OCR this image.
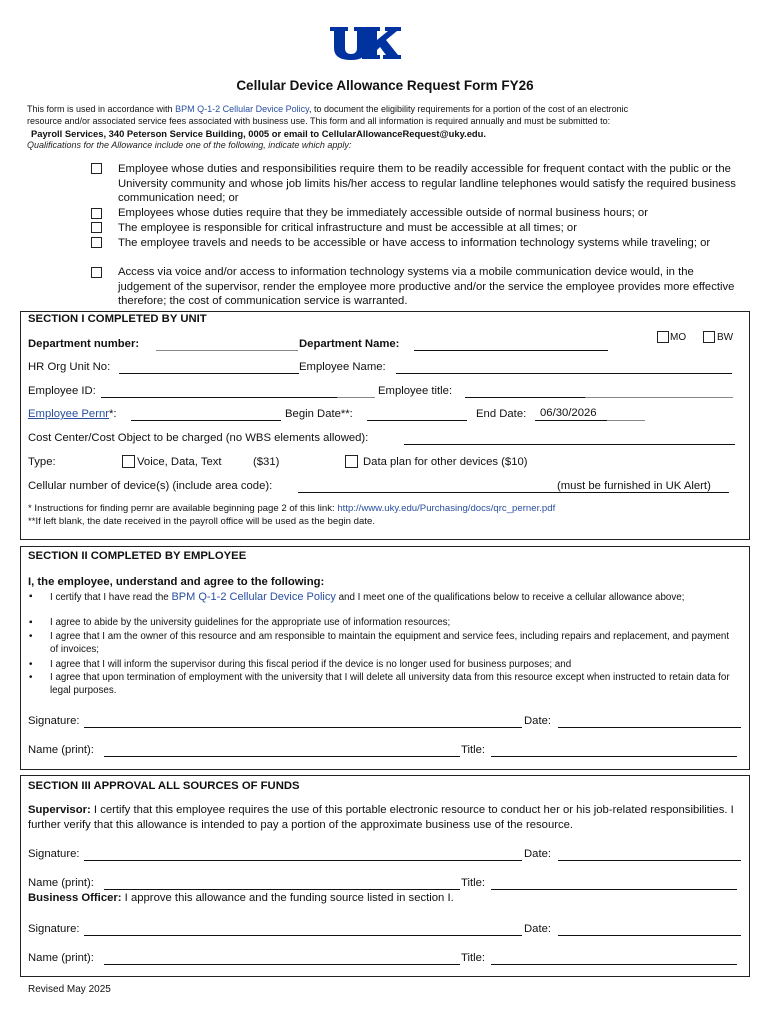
UK
Cellular Device Allowance Request Form FY26
This form is used in accordance with BPM Q-1-2 Cellular Device Policy, to document the eligibility requirements for a portion of the cost of an electronic
resource and/or associated service fees associated with business use. This form and all information is required annually and must be submitted to:
Payroll Services, 340 Peterson Service Building, 0005 or email to CellularAllowanceRequest@uky.edu.
Qualifications for the Allowance include one of the following, indicate which apply:
Employee whose duties and responsibilities require them to be readily accessible for frequent contact with the public or the University community and whose job limits his/her access to regular landline telephones would satisfy the required business communication need; or
Employees whose duties require that they be immediately accessible outside of normal business hours; or
The employee is responsible for critical infrastructure and must be accessible at all times; or
The employee travels and needs to be accessible or have access to information technology systems while traveling; or
Access via voice and/or access to information technology systems via a mobile communication device would, in the judgement of the supervisor, render the employee more productive and/or the service the employee provides more effective therefore; the cost of communication service is warranted.
SECTION I COMPLETED BY UNIT
Department number:	Department Name:
MO	BW
HR Org Unit No:	Employee Name:
Employee ID:	Employee title:
Employee Pernr*:	Begin Date**:	End Date: 06/30/2026
Cost Center/Cost Object to be charged (no WBS elements allowed):
Type:	Voice, Data, Text	($31)	Data plan for other devices ($10)
Cellular number of device(s) (include area code):	(must be furnished in UK Alert)
* Instructions for finding pernr are available beginning page 2 of this link: http://www.uky.edu/Purchasing/docs/qrc_perner.pdf
**If left blank, the date received in the payroll office will be used as the begin date.
SECTION II COMPLETED BY EMPLOYEE
I, the employee, understand and agree to the following:
▪ I certify that I have read the BPM Q-1-2 Cellular Device Policy and I meet one of the qualifications below to receive a cellular allowance above;
▪ I agree to abide by the university guidelines for the appropriate use of information resources;
• I agree that I am the owner of this resource and am responsible to maintain the equipment and service fees, including repairs and replacement, and payment of invoices;
• I agree that I will inform the supervisor during this fiscal period if the device is no longer used for business purposes; and
• I agree that upon termination of employment with the university that I will delete all university data from this resource except when instructed to retain data for legal purposes.
Signature:	Date:
Name (print):	Title:
SECTION III APPROVAL ALL SOURCES OF FUNDS
Supervisor: I certify that this employee requires the use of this portable electronic resource to conduct her or his job-related responsibilities. I further verify that this allowance is intended to pay a portion of the approximate business use of the resource.
Signature:	Date:
Name (print):	Title:
Business Officer: I approve this allowance and the funding source listed in section I.
Signature:	Date:
Name (print):	Title:
Revised May 2025
